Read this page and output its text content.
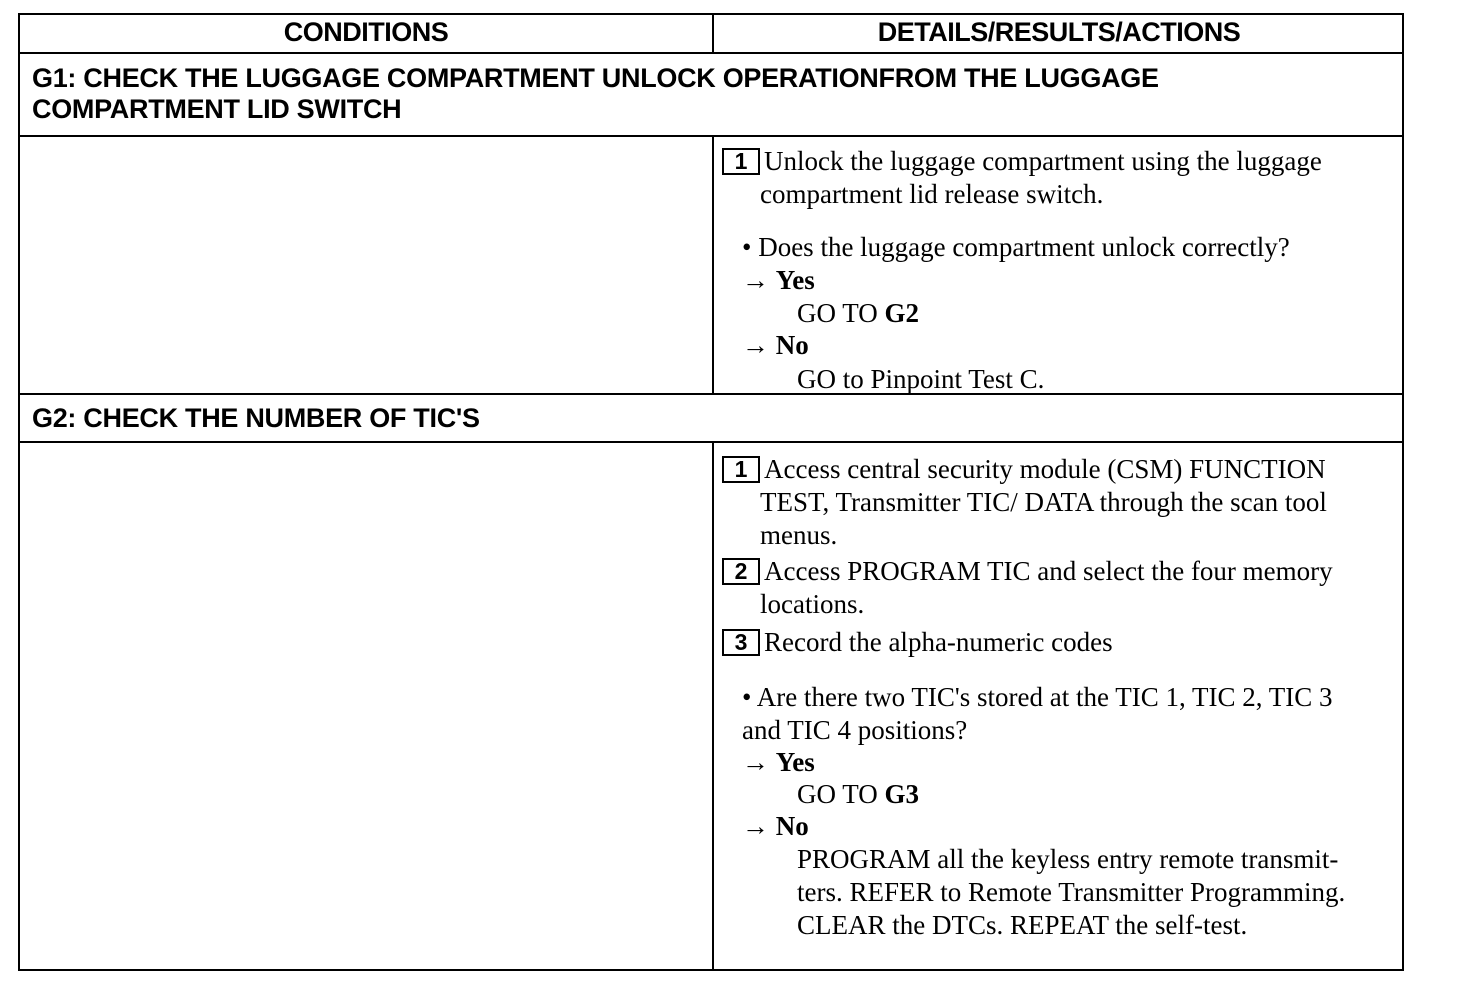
CONDITIONS	DETAILS/RESULTS/ACTIONS
G1: CHECK THE LUGGAGE COMPARTMENT UNLOCK OPERATIONFROM THE LUGGAGE
COMPARTMENT LID SWITCH
1 Unlock the luggage compartment using the luggage
compartment lid release switch.
• Does the luggage compartment unlock correctly?
→ Yes
GO TO G2
→ No
GO to Pinpoint Test C.
G2: CHECK THE NUMBER OF TIC'S
1 Access central security module (CSM) FUNCTION
TEST, Transmitter TIC/ DATA through the scan tool
menus.
2 Access PROGRAM TIC and select the four memory
locations.
3 Record the alpha-numeric codes
• Are there two TIC's stored at the TIC 1, TIC 2, TIC 3
and TIC 4 positions?
→ Yes
GO TO G3
→ No
PROGRAM all the keyless entry remote transmit-
ters. REFER to Remote Transmitter Programming.
CLEAR the DTCs. REPEAT the self-test.
